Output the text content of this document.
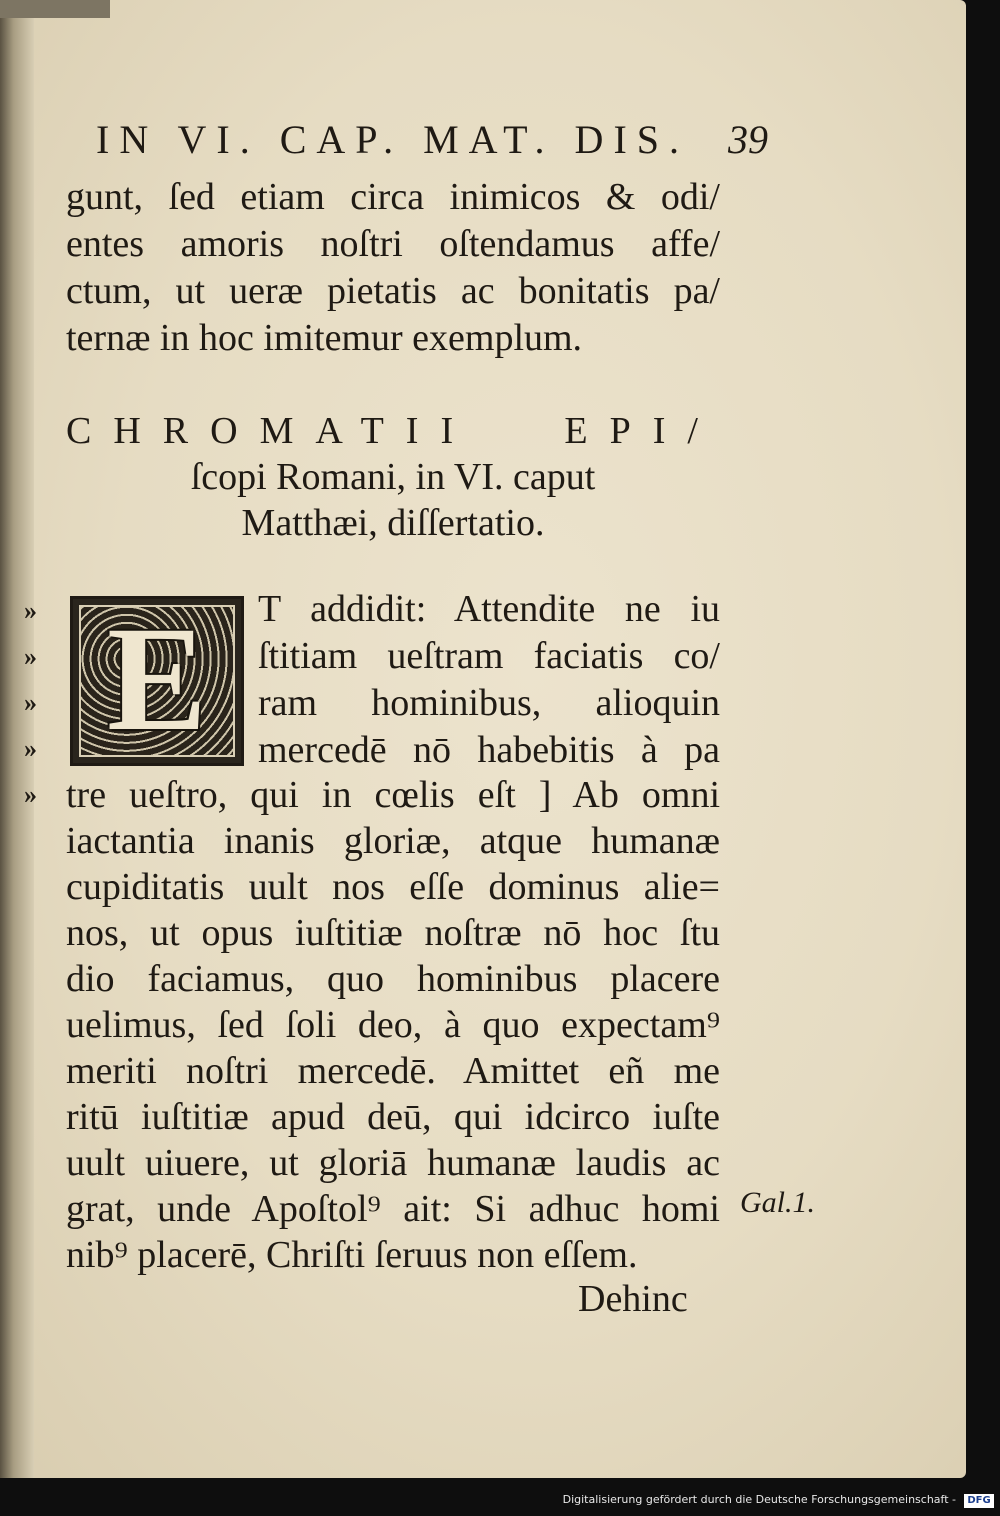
IN VI. CAP. MAT. DIS. 39
gunt, ſed etiam circa inimicos & odi/
entes amoris noſtri oſtendamus affe/
ctum, ut ueræ pietatis ac bonitatis pa/
ternæ in hoc imitemur exemplum.
CHROMATII EPI/
ſcopi Romani, in VI. caput
Matthæi, diſſertatio.
»
»
»
»
»
E	T addidit: Attendite ne iu
ſtitiam ueſtram faciatis co/
ram hominibus, alioquin
mercedē nō habebitis à pa
tre ueſtro, qui in cœlis eſt ] Ab omni
iactantia inanis gloriæ, atque humanæ
cupiditatis uult nos eſſe dominus alie=
nos, ut opus iuſtitiæ noſtræ nō hoc ſtu
dio faciamus, quo hominibus placere
uelimus, ſed ſoli deo, à quo expectam⁹
meriti noſtri mercedē. Amittet eñ me
ritū iuſtitiæ apud deū, qui idcirco iuſte
uult uiuere, ut gloriā humanæ laudis ac
grat, unde Apoſtol⁹ ait: Si adhuc homi
nib⁹ placerē, Chriſti ſeruus non eſſem.
Gal.1.
Dehinc
Digitalisierung gefördert durch die Deutsche Forschungsgemeinschaft -	DFG
